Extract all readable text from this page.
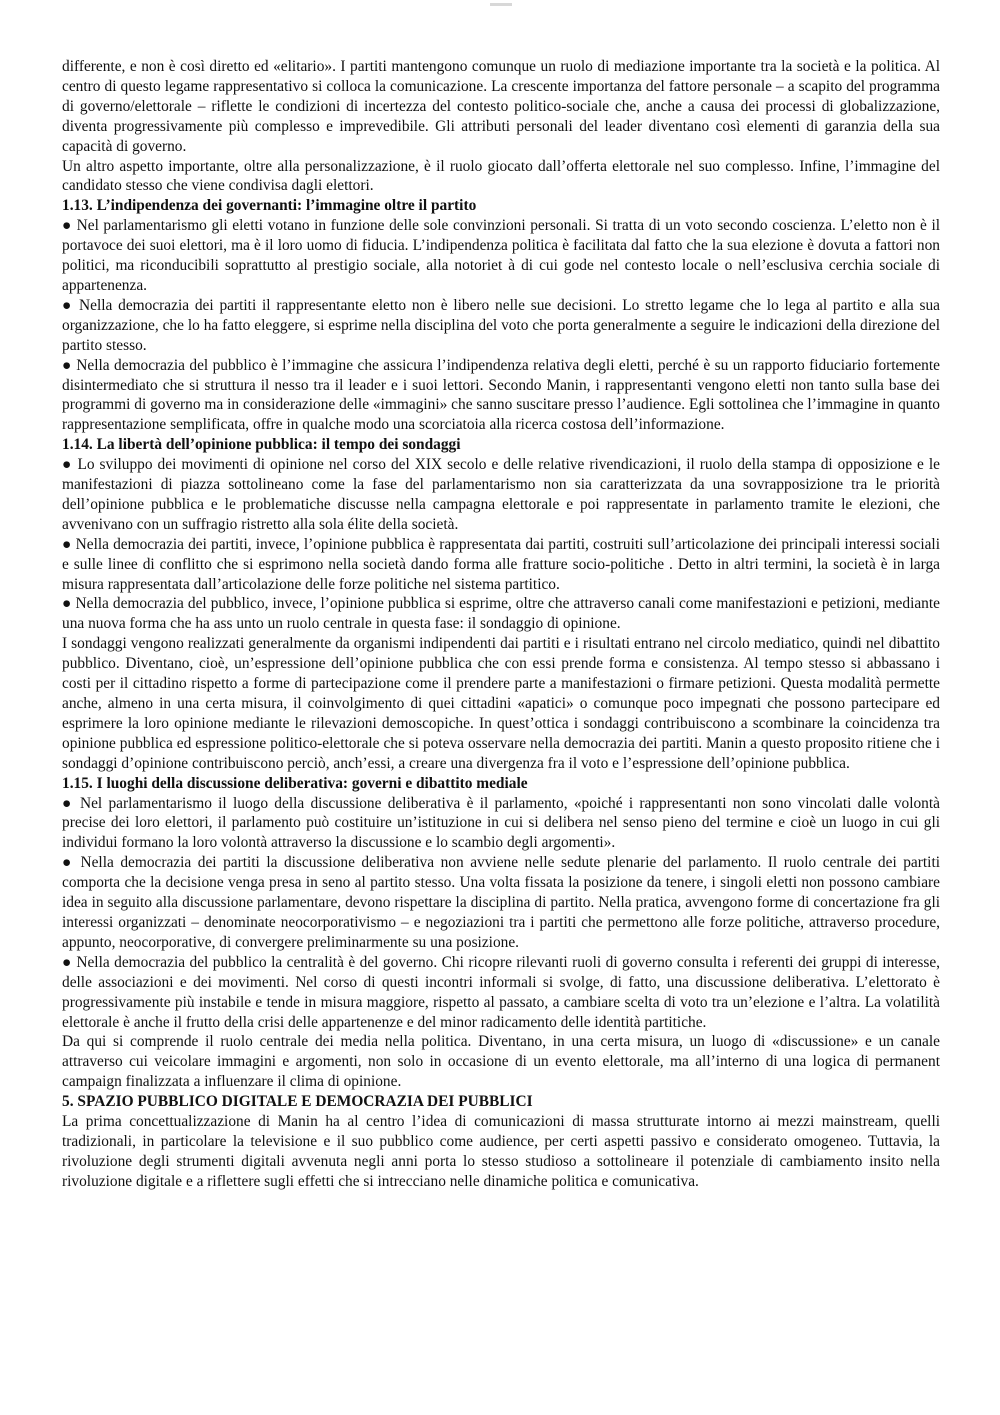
differente, e non è così diretto ed «elitario». I partiti mantengono comunque un ruolo di mediazione importante tra la società e la politica. Al centro di questo legame rappresentativo si colloca la comunicazione. La crescente importanza del fattore personale – a scapito del programma di governo/elettorale – riflette le condizioni di incertezza del contesto politico-sociale che, anche a causa dei processi di globalizzazione, diventa progressivamente più complesso e imprevedibile. Gli attributi personali del leader diventano così elementi di garanzia della sua capacità di governo.

Un altro aspetto importante, oltre alla personalizzazione, è il ruolo giocato dall’offerta elettorale nel suo complesso. Infine, l’immagine del candidato stesso che viene condivisa dagli elettori.

1.13. L’indipendenza dei governanti: l’immagine oltre il partito

● Nel parlamentarismo gli eletti votano in funzione delle sole convinzioni personali. Si tratta di un voto secondo coscienza. L’eletto non è il portavoce dei suoi elettori, ma è il loro uomo di fiducia. L’indipendenza politica è facilitata dal fatto che la sua elezione è dovuta a fattori non politici, ma riconducibili soprattutto al prestigio sociale, alla notoriet à di cui gode nel contesto locale o nell’esclusiva cerchia sociale di appartenenza.

● Nella democrazia dei partiti il rappresentante eletto non è libero nelle sue decisioni. Lo stretto legame che lo lega al partito e alla sua organizzazione, che lo ha fatto eleggere, si esprime nella disciplina del voto che porta generalmente a seguire le indicazioni della direzione del partito stesso.

● Nella democrazia del pubblico è l’immagine che assicura l’indipendenza relativa degli eletti, perché è su un rapporto fiduciario fortemente disintermediato che si struttura il nesso tra il leader e i suoi lettori. Secondo Manin, i rappresentanti vengono eletti non tanto sulla base dei programmi di governo ma in considerazione delle «immagini» che sanno suscitare presso l’audience. Egli sottolinea che l’immagine in quanto rappresentazione semplificata, offre in qualche modo una scorciatoia alla ricerca costosa dell’informazione.

1.14. La libertà dell’opinione pubblica: il tempo dei sondaggi

● Lo sviluppo dei movimenti di opinione nel corso del XIX secolo e delle relative rivendicazioni, il ruolo della stampa di opposizione e le manifestazioni di piazza sottolineano come la fase del parlamentarismo non sia caratterizzata da una sovrapposizione tra le priorità dell’opinione pubblica e le problematiche discusse nella campagna elettorale e poi rappresentate in parlamento tramite le elezioni, che avvenivano con un suffragio ristretto alla sola élite della società.

● Nella democrazia dei partiti, invece, l’opinione pubblica è rappresentata dai partiti, costruiti sull’articolazione dei principali interessi sociali e sulle linee di conflitto che si esprimono nella società dando forma alle fratture socio-politiche . Detto in altri termini, la società è in larga misura rappresentata dall’articolazione delle forze politiche nel sistema partitico.

● Nella democrazia del pubblico, invece, l’opinione pubblica si esprime, oltre che attraverso canali come manifestazioni e petizioni, mediante una nuova forma che ha ass unto un ruolo centrale in questa fase: il sondaggio di opinione.

I sondaggi vengono realizzati generalmente da organismi indipendenti dai partiti e i risultati entrano nel circolo mediatico, quindi nel dibattito pubblico. Diventano, cioè, un’espressione dell’opinione pubblica che con essi prende forma e consistenza. Al tempo stesso si abbassano i costi per il cittadino rispetto a forme di partecipazione come il prendere parte a manifestazioni o firmare petizioni. Questa modalità permette anche, almeno in una certa misura, il coinvolgimento di quei cittadini «apatici» o comunque poco impegnati che possono partecipare ed esprimere la loro opinione mediante le rilevazioni demoscopiche. In quest’ottica i sondaggi contribuiscono a scombinare la coincidenza tra opinione pubblica ed espressione politico-elettorale che si poteva osservare nella democrazia dei partiti. Manin a questo proposito ritiene che i sondaggi d’opinione contribuiscono perciò, anch’essi, a creare una divergenza fra il voto e l’espressione dell’opinione pubblica.

1.15. I luoghi della discussione deliberativa: governi e dibattito mediale

● Nel parlamentarismo il luogo della discussione deliberativa è il parlamento, «poiché i rappresentanti non sono vincolati dalle volontà precise dei loro elettori, il parlamento può costituire un’istituzione in cui si delibera nel senso pieno del termine e cioè un luogo in cui gli individui formano la loro volontà attraverso la discussione e lo scambio degli argomenti».

● Nella democrazia dei partiti la discussione deliberativa non avviene nelle sedute plenarie del parlamento. Il ruolo centrale dei partiti comporta che la decisione venga presa in seno al partito stesso. Una volta fissata la posizione da tenere, i singoli eletti non possono cambiare idea in seguito alla discussione parlamentare, devono rispettare la disciplina di partito. Nella pratica, avvengono forme di concertazione fra gli interessi organizzati – denominate neocorporativismo – e negoziazioni tra i partiti che permettono alle forze politiche, attraverso procedure, appunto, neocorporative, di convergere preliminarmente su una posizione.

● Nella democrazia del pubblico la centralità è del governo. Chi ricopre rilevanti ruoli di governo consulta i referenti dei gruppi di interesse, delle associazioni e dei movimenti. Nel corso di questi incontri informali si svolge, di fatto, una discussione deliberativa. L’elettorato è progressivamente più instabile e tende in misura maggiore, rispetto al passato, a cambiare scelta di voto tra un’elezione e l’altra. La volatilità elettorale è anche il frutto della crisi delle appartenenze e del minor radicamento delle identità partitiche.

Da qui si comprende il ruolo centrale dei media nella politica. Diventano, in una certa misura, un luogo di «discussione» e un canale attraverso cui veicolare immagini e argomenti, non solo in occasione di un evento elettorale, ma all’interno di una logica di permanent campaign finalizzata a influenzare il clima di opinione.

5. SPAZIO PUBBLICO DIGITALE E DEMOCRAZIA DEI PUBBLICI

La prima concettualizzazione di Manin ha al centro l’idea di comunicazioni di massa strutturate intorno ai mezzi mainstream, quelli tradizionali, in particolare la televisione e il suo pubblico come audience, per certi aspetti passivo e considerato omogeneo. Tuttavia, la rivoluzione degli strumenti digitali avvenuta negli anni porta lo stesso studioso a sottolineare il potenziale di cambiamento insito nella rivoluzione digitale e a riflettere sugli effetti che si intrecciano nelle dinamiche politica e comunicativa.
